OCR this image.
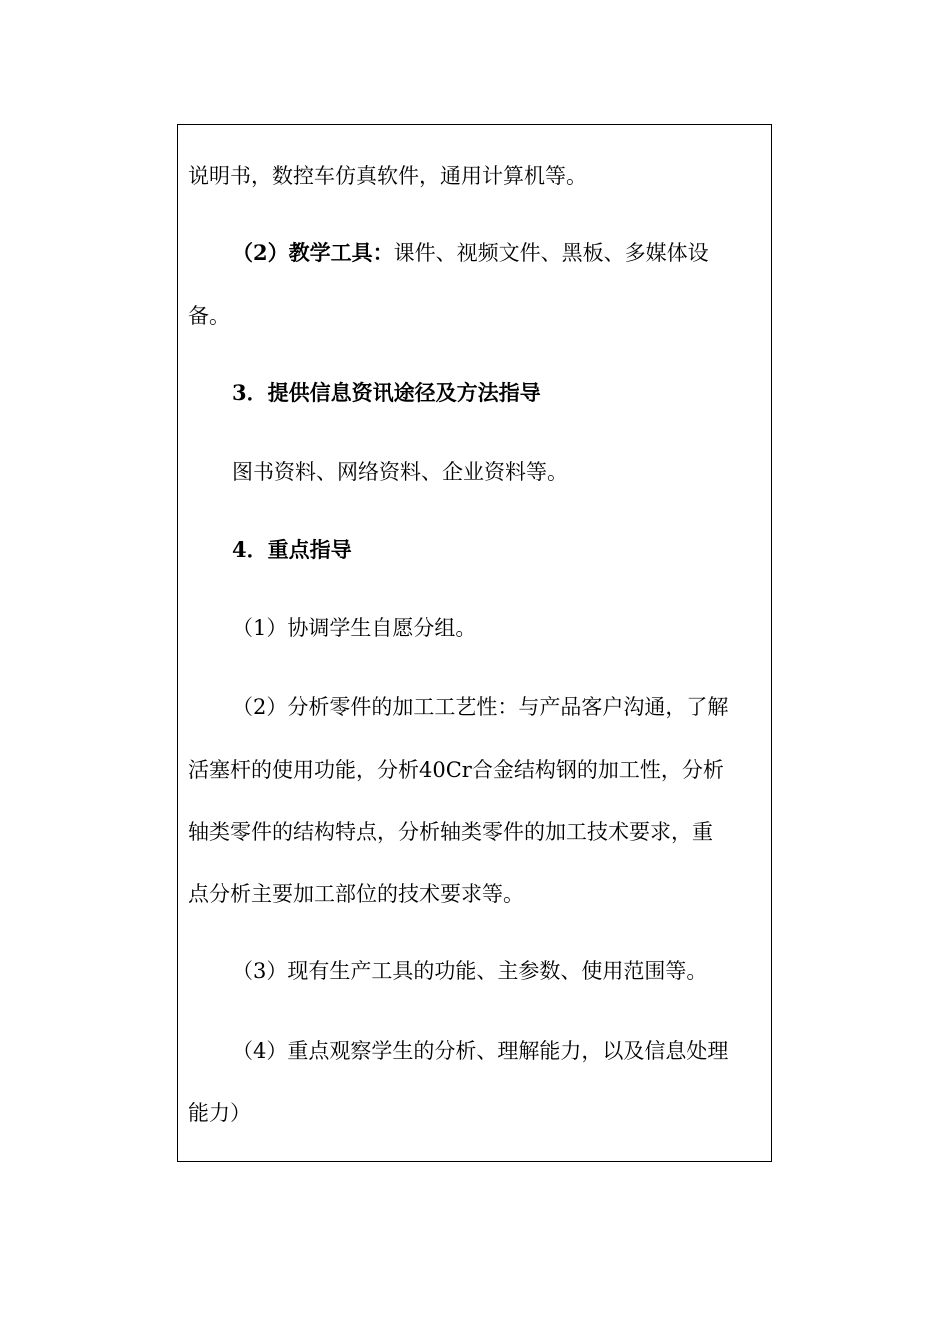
说明书，数控车仿真软件，通用计算机等。
（2）教学工具：课件、视频文件、黑板、多媒体设
备。
3．提供信息资讯途径及方法指导
图书资料、网络资料、企业资料等。
4．重点指导
（1）协调学生自愿分组。
（2）分析零件的加工工艺性：与产品客户沟通，了解
活塞杆的使用功能，分析40Cr合金结构钢的加工性，分析
轴类零件的结构特点，分析轴类零件的加工技术要求，重
点分析主要加工部位的技术要求等。
（3）现有生产工具的功能、主参数、使用范围等。
（4）重点观察学生的分析、理解能力，以及信息处理
能力）
